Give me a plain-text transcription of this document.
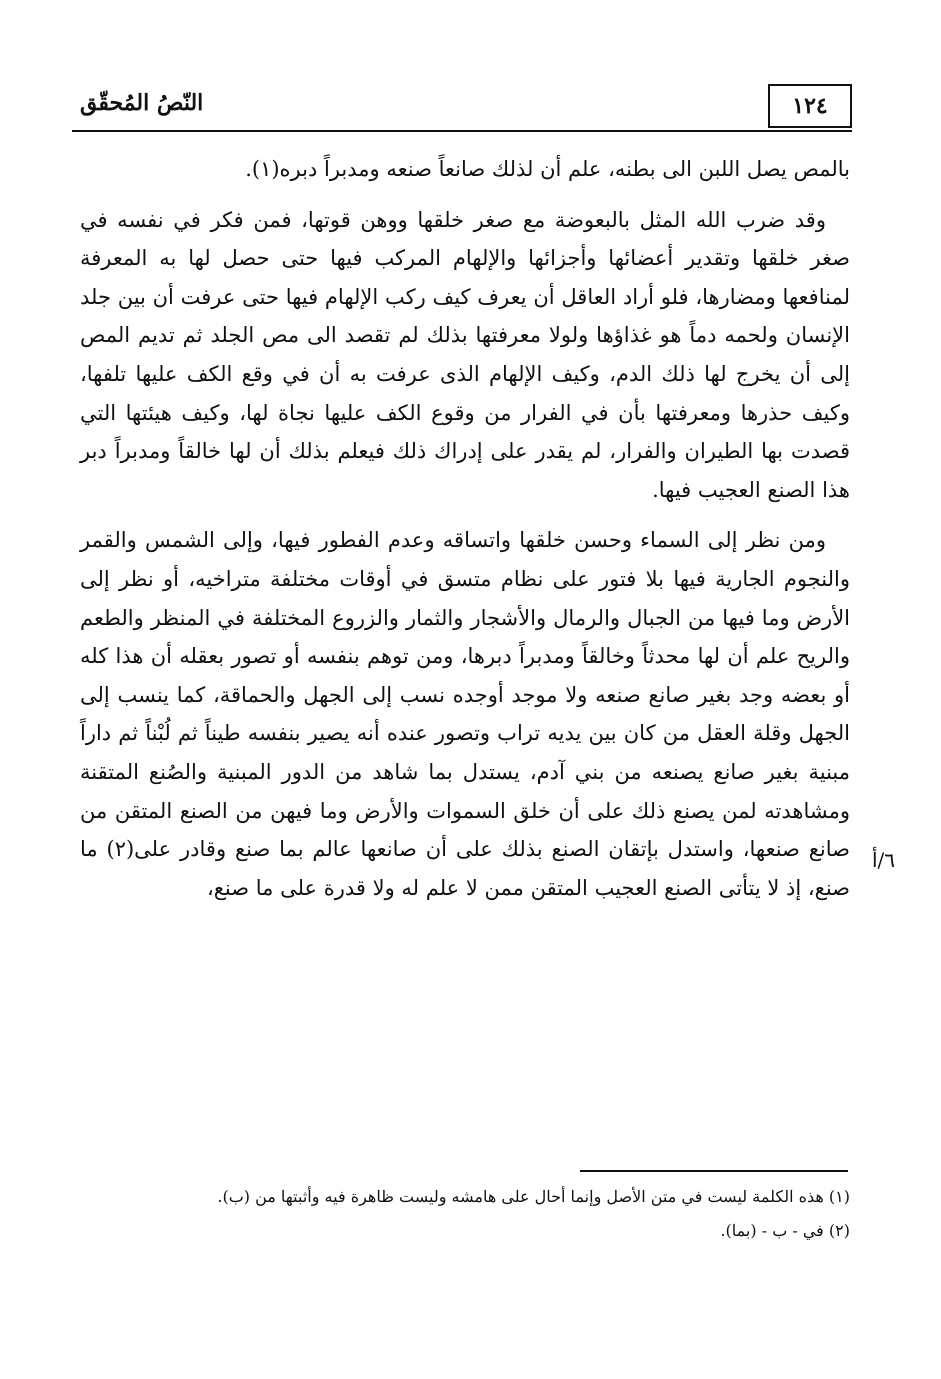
النّصُ المُحقّق	١٢٤

بالمص يصل اللبن الى بطنه، علم أن لذلك صانعاً صنعه ومدبراً دبره(١).

وقد ضرب الله المثل بالبعوضة مع صغر خلقها ووهن قوتها، فمن فكر في نفسه في صغر خلقها وتقدير أعضائها وأجزائها والإلهام المركب فيها حتى حصل لها به المعرفة لمنافعها ومضارها، فلو أراد العاقل أن يعرف كيف ركب الإلهام فيها حتى عرفت أن بين جلد الإنسان ولحمه دماً هو غذاؤها ولولا معرفتها بذلك لم تقصد الى مص الجلد ثم تديم المص إلى أن يخرج لها ذلك الدم، وكيف الإلهام الذى عرفت به أن في وقع الكف عليها تلفها، وكيف حذرها ومعرفتها بأن في الفرار من وقوع الكف عليها نجاة لها، وكيف هيئتها التي قصدت بها الطيران والفرار، لم يقدر على إدراك ذلك فيعلم بذلك أن لها خالقاً ومدبراً دبر هذا الصنع العجيب فيها.

ومن نظر إلى السماء وحسن خلقها واتساقه وعدم الفطور فيها، وإلى الشمس والقمر والنجوم الجارية فيها بلا فتور على نظام متسق في أوقات مختلفة متراخيه، أو نظر إلى الأرض وما فيها من الجبال والرمال والأشجار والثمار والزروع المختلفة في المنظر والطعم والريح علم أن لها محدثاً وخالقاً ومدبراً دبرها، ومن توهم بنفسه أو تصور بعقله أن هذا كله أو بعضه وجد بغير صانع صنعه ولا موجد أوجده نسب إلى الجهل والحماقة، كما ينسب إلى الجهل وقلة العقل من كان بين يديه تراب وتصور عنده أنه يصير بنفسه طيناً ثم لُبْناً ثم داراً مبنية بغير صانع يصنعه من بني آدم، يستدل بما شاهد من الدور المبنية والصُنع المتقنة ومشاهدته لمن يصنع ذلك على أن خلق السموات والأرض وما فيهن من الصنع المتقن من صانع صنعها، واستدل بإتقان الصنع بذلك على أن صانعها عالم بما صنع وقادر على(٢) ما صنع، إذ لا يتأتى الصنع العجيب المتقن ممن لا علم له ولا قدرة على ما صنع،

٦/أ
(١) هذه الكلمة ليست في متن الأصل وإنما أحال على هامشه وليست ظاهرة فيه وأثبتها من (ب).
(٢) في - ب - (بما).
